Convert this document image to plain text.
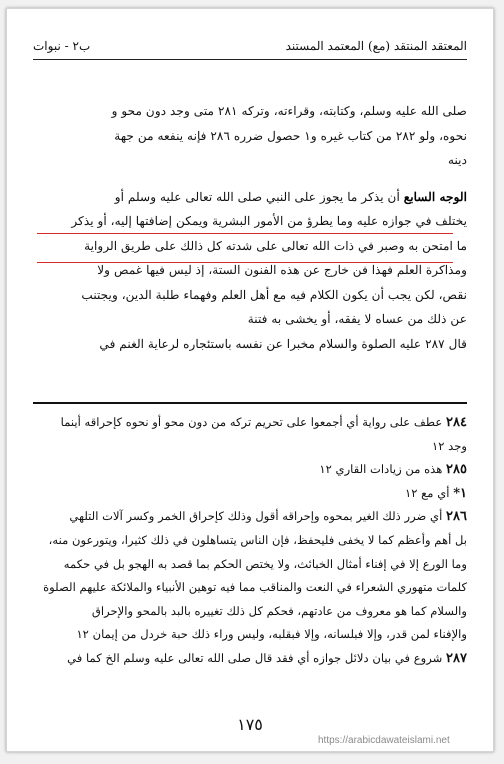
المعتقد المنتقد (مع) المعتمد المستند
ب٢ - نبوات
صلى الله عليه وسلم، وكتابته، وقراءته، وتركه ٢٨١ متى وجد دون محو و
نحوه، ولو ٢٨٢ من كتاب غيره و١ حصول ضرره ٢٨٦ فإنه ينفعه من جهة
دينه
الوجه السابع أن يذكر ما يجوز على النبي صلى الله تعالى عليه وسلم أو
يختلف في جوازه عليه وما يطرؤ من الأمور البشرية ويمكن إضافتها إليه، أو يذكر
ما امتحن به وصبر في ذات الله تعالى على شدته كل ذالك على طريق الرواية
ومذاكرة العلم فهذا فن خارج عن هذه الفنون الستة، إذ ليس فيها غمص ولا
نقص، لكن يجب أن يكون الكلام فيه مع أهل العلم وفهماء طلبة الدين، ويجتنب
عن ذلك من عساه لا يفقه، أو يخشى به فتنة
قال ٢٨٧ عليه الصلوة والسلام مخبرا عن نفسه باستئجاره لرعاية الغنم في
٢٨٤ عطف على رواية أي أجمعوا على تحريم تركه من دون محو أو نحوه كإحراقه أينما
وجد ١٢
٢٨٥ هذه من زيادات القاري ١٢
١* أي مع ١٢
٢٨٦ أي ضرر ذلك الغير بمحوه وإحراقه أقول وذلك كإحراق الخمر وكسر آلات التلهي
بل أهم وأعظم كما لا يخفى فليحفظ، فإن الناس يتساهلون في ذلك كثيرا، ويتورعون منه،
وما الورع إلا في إفناء أمثال الخبائث، ولا يختص الحكم بما قصد به الهجو بل في حكمه
كلمات متهوري الشعراء في النعت والمناقب مما فيه توهين الأنبياء والملائكة عليهم الصلوة
والسلام كما هو معروف من عادتهم، فحكم كل ذلك تغييره بالبد بالمحو والإحراق
والإفناء لمن قدر، وإلا فبلسانه، وإلا فبقلبه، وليس وراء ذلك حبة خردل من إيمان ١٢
٢٨٧ شروع في بيان دلائل جوازه أي فقد قال صلى الله تعالى عليه وسلم الخ كما في
١٧٥
https://arabicdawateislami.net
